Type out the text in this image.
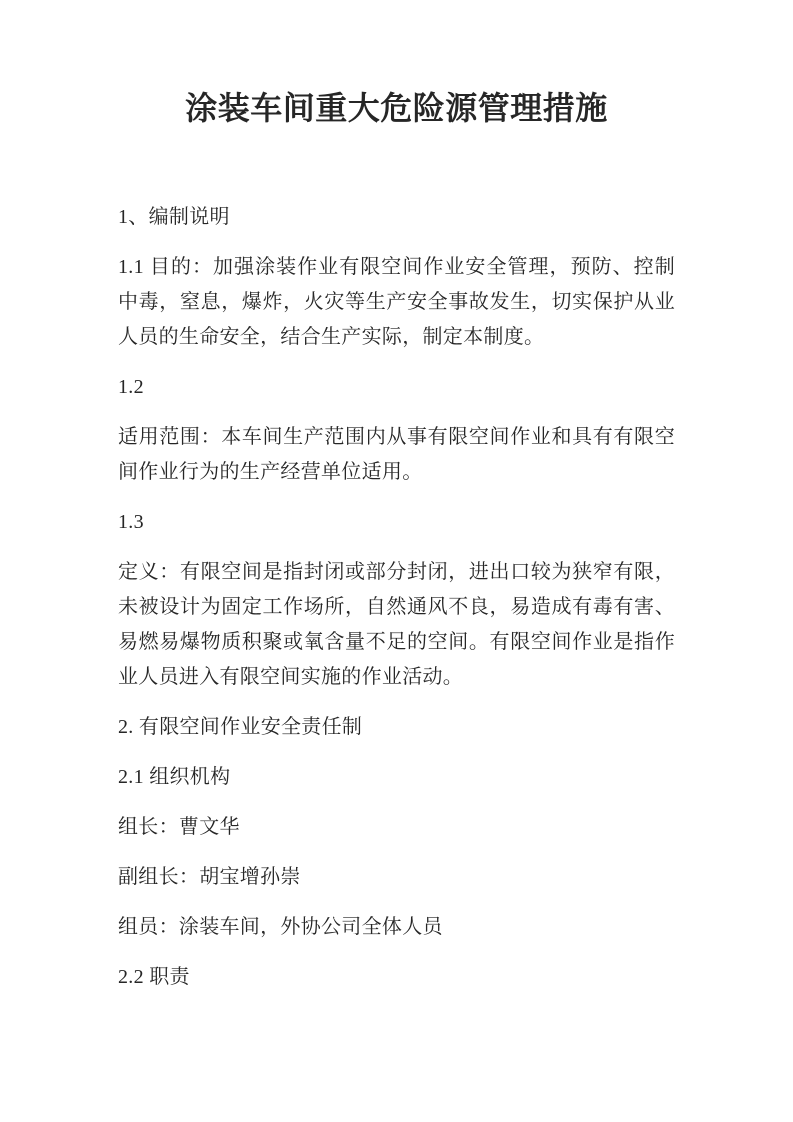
涂装车间重大危险源管理措施

1、编制说明

1.1 目的：加强涂装作业有限空间作业安全管理，预防、控制中毒，窒息，爆炸，火灾等生产安全事故发生，切实保护从业人员的生命安全，结合生产实际，制定本制度。

1.2

适用范围：本车间生产范围内从事有限空间作业和具有有限空间作业行为的生产经营单位适用。

1.3

定义：有限空间是指封闭或部分封闭，进出口较为狭窄有限，未被设计为固定工作场所，自然通风不良，易造成有毒有害、易燃易爆物质积聚或氧含量不足的空间。有限空间作业是指作业人员进入有限空间实施的作业活动。

2. 有限空间作业安全责任制

2.1 组织机构

组长：曹文华

副组长：胡宝增孙崇

组员：涂装车间，外协公司全体人员

2.2 职责
